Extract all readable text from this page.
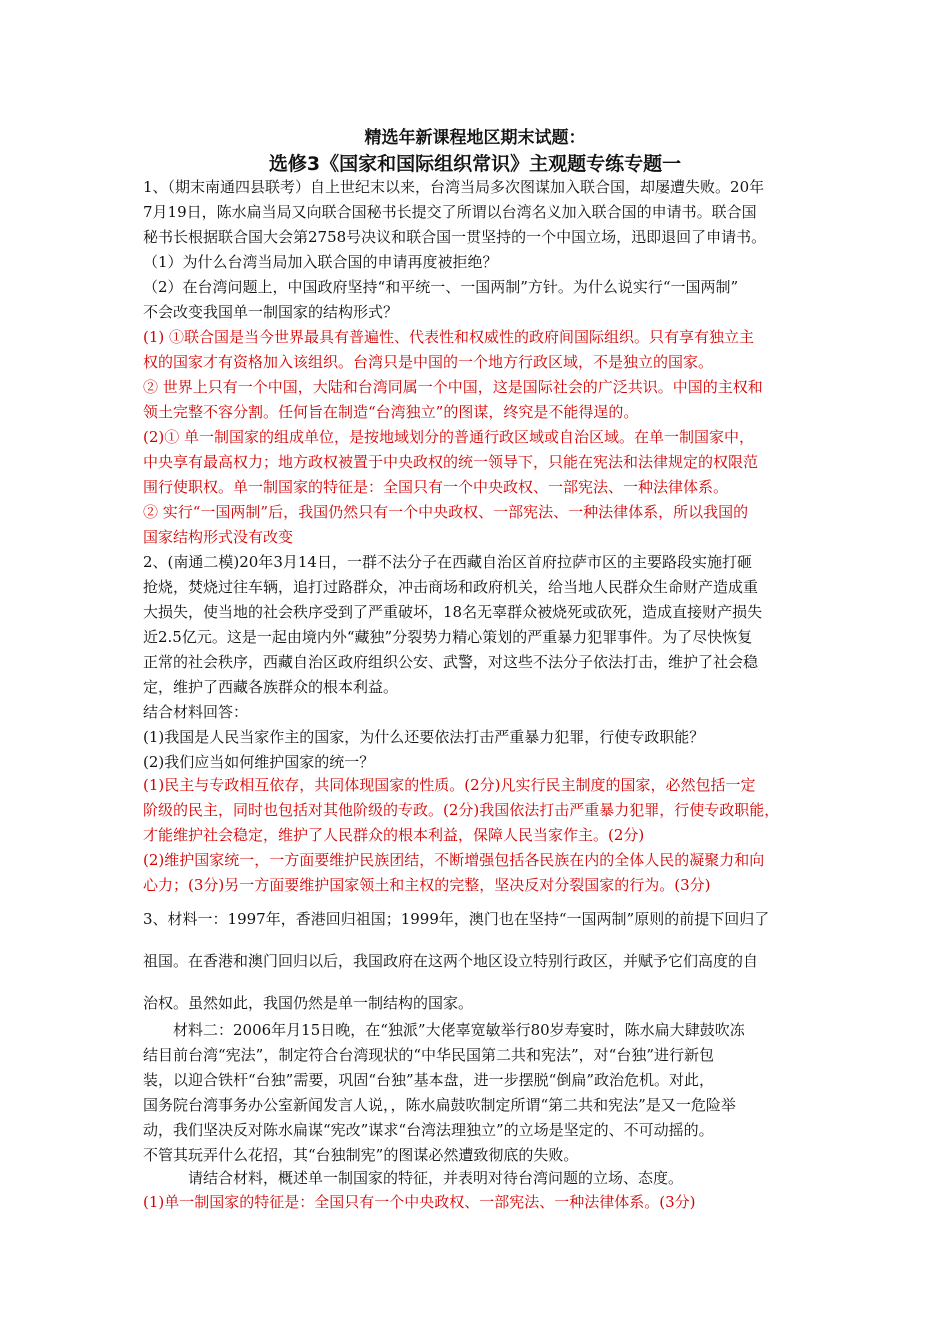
精选年新课程地区期末试题：
选修3《国家和国际组织常识》主观题专练专题一
1、（期末南通四县联考）自上世纪末以来，台湾当局多次图谋加入联合国，却屡遭失败。20年
7月19日，陈水扁当局又向联合国秘书长提交了所谓以台湾名义加入联合国的申请书。联合国
秘书长根据联合国大会第2758号决议和联合国一贯坚持的一个中国立场，迅即退回了申请书。
（1）为什么台湾当局加入联合国的申请再度被拒绝？
（2）在台湾问题上，中国政府坚持“和平统一、一国两制”方针。为什么说实行“一国两制”
不会改变我国单一制国家的结构形式？
(1) ①联合国是当今世界最具有普遍性、代表性和权威性的政府间国际组织。只有享有独立主
权的国家才有资格加入该组织。台湾只是中国的一个地方行政区域，不是独立的国家。
② 世界上只有一个中国，大陆和台湾同属一个中国，这是国际社会的广泛共识。中国的主权和
领土完整不容分割。任何旨在制造“台湾独立”的图谋，终究是不能得逞的。
(2)① 单一制国家的组成单位，是按地域划分的普通行政区域或自治区域。在单一制国家中，
中央享有最高权力；地方政权被置于中央政权的统一领导下，只能在宪法和法律规定的权限范
围行使职权。单一制国家的特征是：全国只有一个中央政权、一部宪法、一种法律体系。
② 实行“一国两制”后，我国仍然只有一个中央政权、一部宪法、一种法律体系，所以我国的
国家结构形式没有改变
2、(南通二模)20年3月14日，一群不法分子在西藏自治区首府拉萨市区的主要路段实施打砸
抢烧，焚烧过往车辆，追打过路群众，冲击商场和政府机关，给当地人民群众生命财产造成重
大损失，使当地的社会秩序受到了严重破坏，18名无辜群众被烧死或砍死，造成直接财产损失
近2.5亿元。这是一起由境内外“藏独”分裂势力精心策划的严重暴力犯罪事件。为了尽快恢复
正常的社会秩序，西藏自治区政府组织公安、武警，对这些不法分子依法打击，维护了社会稳
定，维护了西藏各族群众的根本利益。
结合材料回答：
(1)我国是人民当家作主的国家，为什么还要依法打击严重暴力犯罪，行使专政职能？
(2)我们应当如何维护国家的统一？
(1)民主与专政相互依存，共同体现国家的性质。(2分)凡实行民主制度的国家，必然包括一定
阶级的民主，同时也包括对其他阶级的专政。(2分)我国依法打击严重暴力犯罪，行使专政职能，
才能维护社会稳定，维护了人民群众的根本利益，保障人民当家作主。(2分)
(2)维护国家统一，一方面要维护民族团结，不断增强包括各民族在内的全体人民的凝聚力和向
心力；(3分)另一方面要维护国家领土和主权的完整，坚决反对分裂国家的行为。(3分)
3、材料一：1997年，香港回归祖国；1999年，澳门也在坚持“一国两制”原则的前提下回归了
祖国。在香港和澳门回归以后，我国政府在这两个地区设立特别行政区，并赋予它们高度的自
治权。虽然如此，我国仍然是单一制结构的国家。
材料二：2006年月15日晚，在“独派”大佬辜宽敏举行80岁寿宴时，陈水扁大肆鼓吹冻
结目前台湾“宪法”，制定符合台湾现状的“中华民国第二共和宪法”，对“台独”进行新包
装，以迎合铁杆“台独”需要，巩固“台独”基本盘，进一步摆脱“倒扁”政治危机。对此，
国务院台湾事务办公室新闻发言人说，，陈水扁鼓吹制定所谓“第二共和宪法”是又一危险举
动，我们坚决反对陈水扁谋“宪改”谋求“台湾法理独立”的立场是坚定的、不可动摇的。
不管其玩弄什么花招，其“台独制宪”的图谋必然遭致彻底的失败。
请结合材料，概述单一制国家的特征，并表明对待台湾问题的立场、态度。
(1)单一制国家的特征是：全国只有一个中央政权、一部宪法、一种法律体系。(3分)
